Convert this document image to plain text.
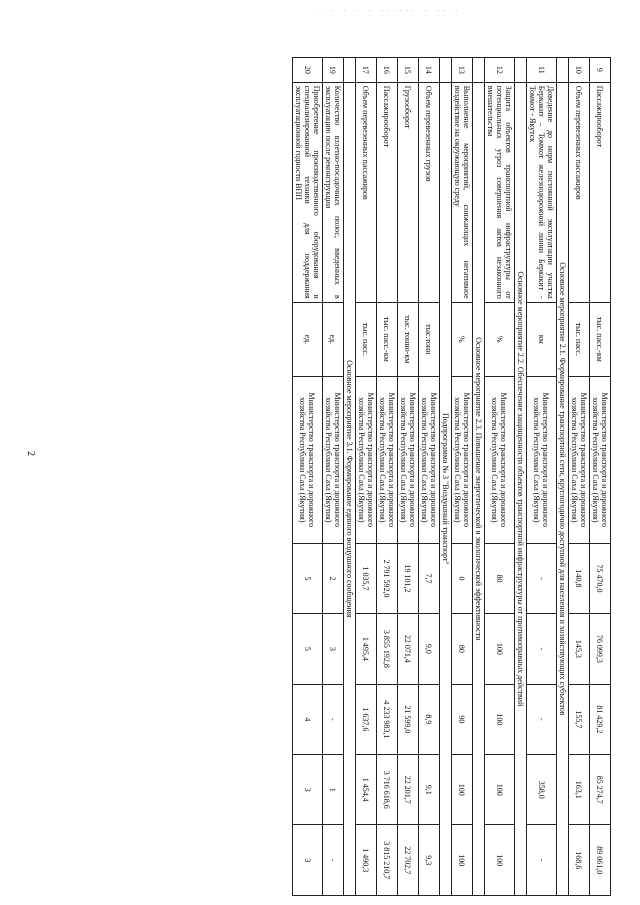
- - - - - ------ - -- -
2
9	Пассажирооборот	тыс. пасс.-км	Министерство транспорта и дорожного хозяйства Республики Саха (Якутия)	75 470,0	76 099,3	81 429,2	85 274,7	89 061,0
10	Объем перевезенных пассажиров	тыс. пасс.	Министерство транспорта и дорожного хозяйства Республики Саха (Якутия)	140,8	145,3	155,7	163,1	168,6
	Основное мероприятие 2.1. Формирование транспортной сети, круглогодично доступной для населения и хозяйствующих субъектов							
11	Доведение до норм постоянной эксплуатации участка Беркакит – Томмот железнодорожной линии Беркакит - Томмот - Якутск	км	Министерство транспорта и дорожного хозяйства Республики Саха (Якутия)	-	-	-	358,0	-
	Основное мероприятие 2.2. Обеспечение защищенности объектов транспортной инфраструктуры от противоправных действий							
12	Защита объектов транспортной инфраструктуры от потенциальных угроз совершения актов незаконного вмешательства	%	Министерство транспорта и дорожного хозяйства Республики Саха (Якутия)	80	100	100	100	100
	Основное мероприятие 2.3. Повышение энергетической и экологической эффективности							
13	Выполнение мероприятий, снижающих негативное воздействие на окружающую среду	%	Министерство транспорта и дорожного хозяйства Республики Саха (Якутия)	0	80	90	100	100
	Подпрограмма № 3 "Воздушный транспорт"							
14	Объем перевезенных грузов	тыс.тонн	Министерство транспорта и дорожного хозяйства Республики Саха (Якутия)	7,7	9,0	8,9	9,1	9,3
15	Грузооборот	тыс. тонно-км	Министерство транспорта и дорожного хозяйства Республики Саха (Якутия)	19 101,2	22 071,4	21 599,0	22 201,7	22 702,7
16	Пассажирооборот	тыс. пасс.-км	Министерство транспорта и дорожного хозяйства Республики Саха (Якутия)	2 791 592,0	3 855 192,8	4 233 983,1	3 716 618,6	3 815 210,7
17	Объем перевезенных пассажиров	тыс. пасс.	Министерство транспорта и дорожного хозяйства Республики Саха (Якутия)	1 035,7	1 495,4	1 637,6	1 454,4	1 490,3
	Основное мероприятие 3.1. Формирование единого воздушного сообщения							
19	Количество взлетно-посадочных полос, введенных в эксплуатацию после реконструкции	ед.	Министерство транспорта и дорожного хозяйства Республики Саха (Якутия)	2	3	-	1	-
20	Приобретение производственного оборудования и специализированной техники для поддержания эксплуатационной годности ВПП	ед.	Министерство транспорта и дорожного хозяйства Республики Саха (Якутия)	5	5	4	3	3
